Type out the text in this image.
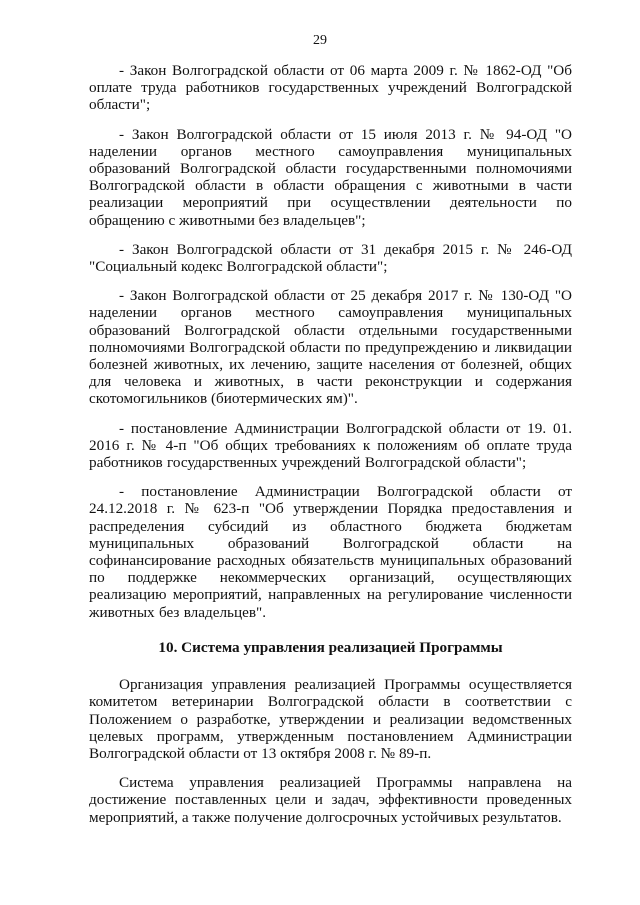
29

- Закон Волгоградской области от 06 марта 2009 г. № 1862-ОД "Об оплате труда работников государственных учреждений Волгоградской области";

- Закон Волгоградской области от 15 июля 2013 г. № 94-ОД "О наделении органов местного самоуправления муниципальных образований Волгоградской области государственными полномочиями Волгоградской области в области обращения с животными в части реализации мероприятий при осуществлении деятельности по обращению с животными без владельцев";

- Закон Волгоградской области от 31 декабря 2015 г. № 246-ОД "Социальный кодекс Волгоградской области";

- Закон Волгоградской области от 25 декабря 2017 г. № 130-ОД "О наделении органов местного самоуправления муниципальных образований Волгоградской области отдельными государственными полномочиями Волгоградской области по предупреждению и ликвидации болезней животных, их лечению, защите населения от болезней, общих для человека и животных, в части реконструкции и содержания скотомогильников (биотермических ям)".

- постановление Администрации Волгоградской области от 19. 01. 2016 г. № 4-п "Об общих требованиях к положениям об оплате труда работников государственных учреждений Волгоградской области";

- постановление Администрации Волгоградской области от 24.12.2018 г. № 623-п "Об утверждении Порядка предоставления и распределения субсидий из областного бюджета бюджетам муниципальных образований Волгоградской области на софинансирование расходных обязательств муниципальных образований по поддержке некоммерческих организаций, осуществляющих реализацию мероприятий, направленных на регулирование численности животных без владельцев".

10. Система управления реализацией Программы

Организация управления реализацией Программы осуществляется комитетом ветеринарии Волгоградской области в соответствии с Положением о разработке, утверждении и реализации ведомственных целевых программ, утвержденным постановлением Администрации Волгоградской области от 13 октября 2008 г. № 89-п.

Система управления реализацией Программы направлена на достижение поставленных цели и задач, эффективности проведенных мероприятий, а также получение долгосрочных устойчивых результатов.
